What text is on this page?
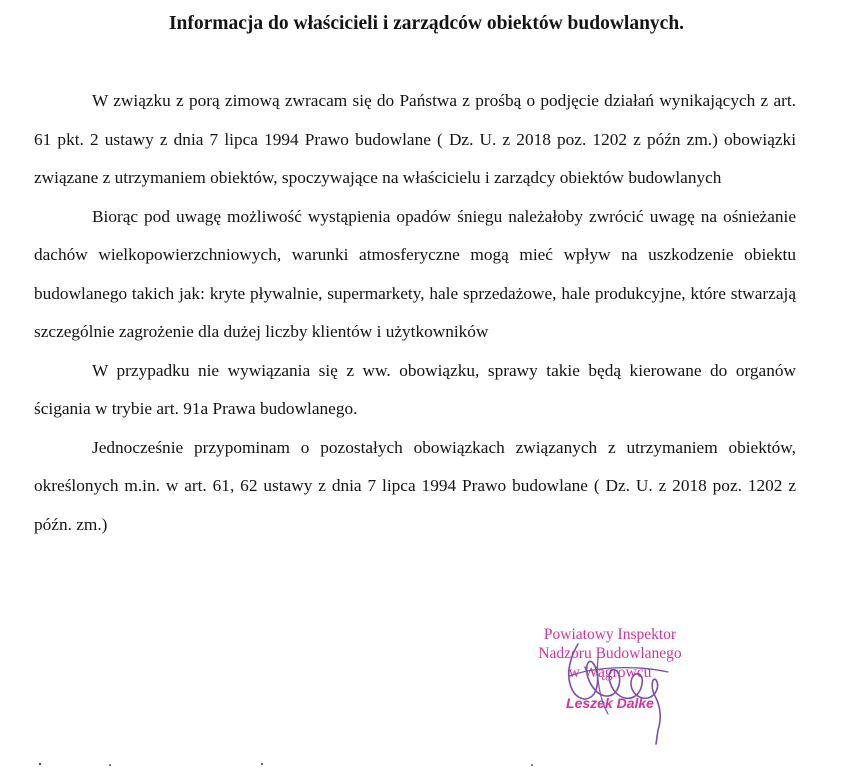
Informacja do właścicieli i zarządców obiektów budowlanych.

W związku z porą zimową zwracam się do Państwa z prośbą o podjęcie działań wynikających z art. 61 pkt. 2 ustawy z dnia 7 lipca 1994 Prawo budowlane ( Dz. U. z 2018 poz. 1202 z późn zm.) obowiązki związane z utrzymaniem obiektów, spoczywające na właścicielu i zarządcy obiektów budowlanych

Biorąc pod uwagę możliwość wystąpienia opadów śniegu należałoby zwrócić uwagę na ośnieżanie dachów wielkopowierzchniowych, warunki atmosferyczne mogą mieć wpływ na uszkodzenie obiektu budowlanego takich jak: kryte pływalnie, supermarkety, hale sprzedażowe, hale produkcyjne, które stwarzają szczególnie zagrożenie dla dużej liczby klientów i użytkowników

W przypadku nie wywiązania się z ww. obowiązku, sprawy takie będą kierowane do organów ścigania w trybie art. 91a Prawa budowlanego.

Jednocześnie przypominam o pozostałych obowiązkach związanych z utrzymaniem obiektów, określonych m.in. w art. 61, 62 ustawy z dnia 7 lipca 1994 Prawo budowlane ( Dz. U. z 2018 poz. 1202 z późn. zm.)

Powiatowy Inspektor
Nadzoru Budowlanego
w Wągrowcu
Leszek Dalke
